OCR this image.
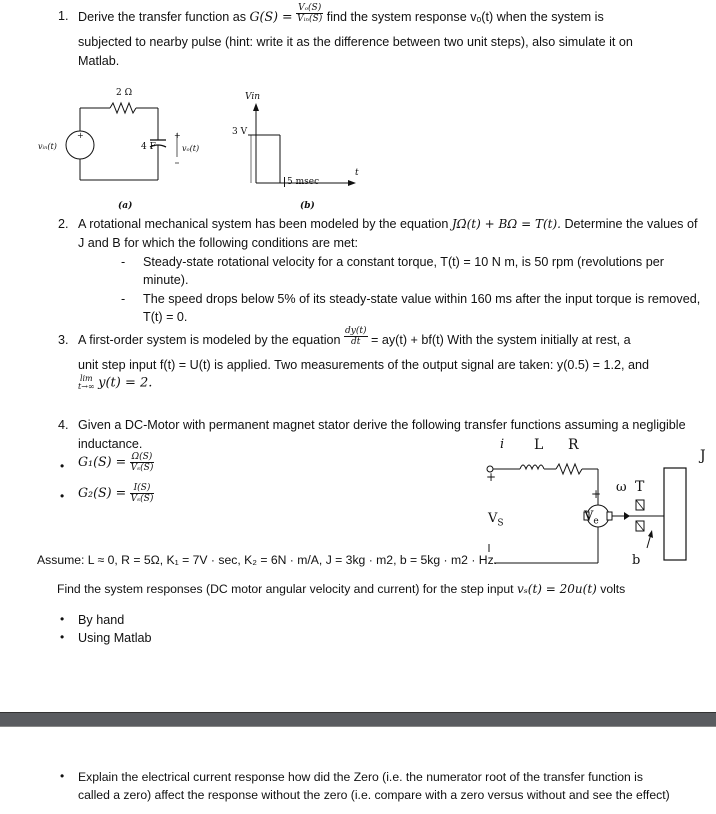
1. Derive the transfer function as $G(S) = \frac{\text{Vₒ(S)}}{\text{Vᵢₙ(S)}}$ find the system response vₒ(t) when the system is
subjected to nearby pulse (hint: write it as the difference between two unit steps), also simulate it on
Matlab.
2 Ω
4 F
vᵢₙ(t)
+	+
vₒ(t)
(a)
Vin
3 V
5 msec
t
(b)
2. A rotational mechanical system has been modeled by the equation JΩ̇(t) + BΩ = T(t). Determine the values of
J and B for which the following conditions are met:
- Steady-state rotational velocity for a constant torque, T(t) = 10 N m, is 50 rpm (revolutions per
minute).
- The speed drops below 5% of its steady-state value within 160 ms after the input torque is removed,
T(t) = 0.
3. A first-order system is modeled by the equation $\frac{dy(t)}{dt} = ay(t) + bf(t)$ With the system initially at rest, a
unit step input f(t) = U(t) is applied. Two measurements of the output signal are taken: y(0.5) = 1.2, and
lim
t→∞ y(t) = 2.
4. Given a DC-Motor with permanent magnet stator derive the following transfer functions assuming a negligible
inductance.
• $G_1(S) = \frac{\Omega(S)}{\text{Vₛ(S)}}$
• $G_2(S) = \frac{I(S)}{\text{Vₛ(S)}}$
i L R
J
ω T
+
+
$V_S$	$V_e$
b
Assume: L ≈ 0, R = 5Ω, K₁ = 7V · sec, K₂ = 6N · m/A, J = 3kg · m2, b = 5kg · m2 · Hz.
Find the system responses (DC motor angular velocity and current) for the step input vₛ(t) = 20u(t) volts
• By hand
• Using Matlab
• Explain the electrical current response how did the Zero (i.e. the numerator root of the transfer function is
called a zero) affect the response without the zero (i.e. compare with a zero versus without and see the effect)
